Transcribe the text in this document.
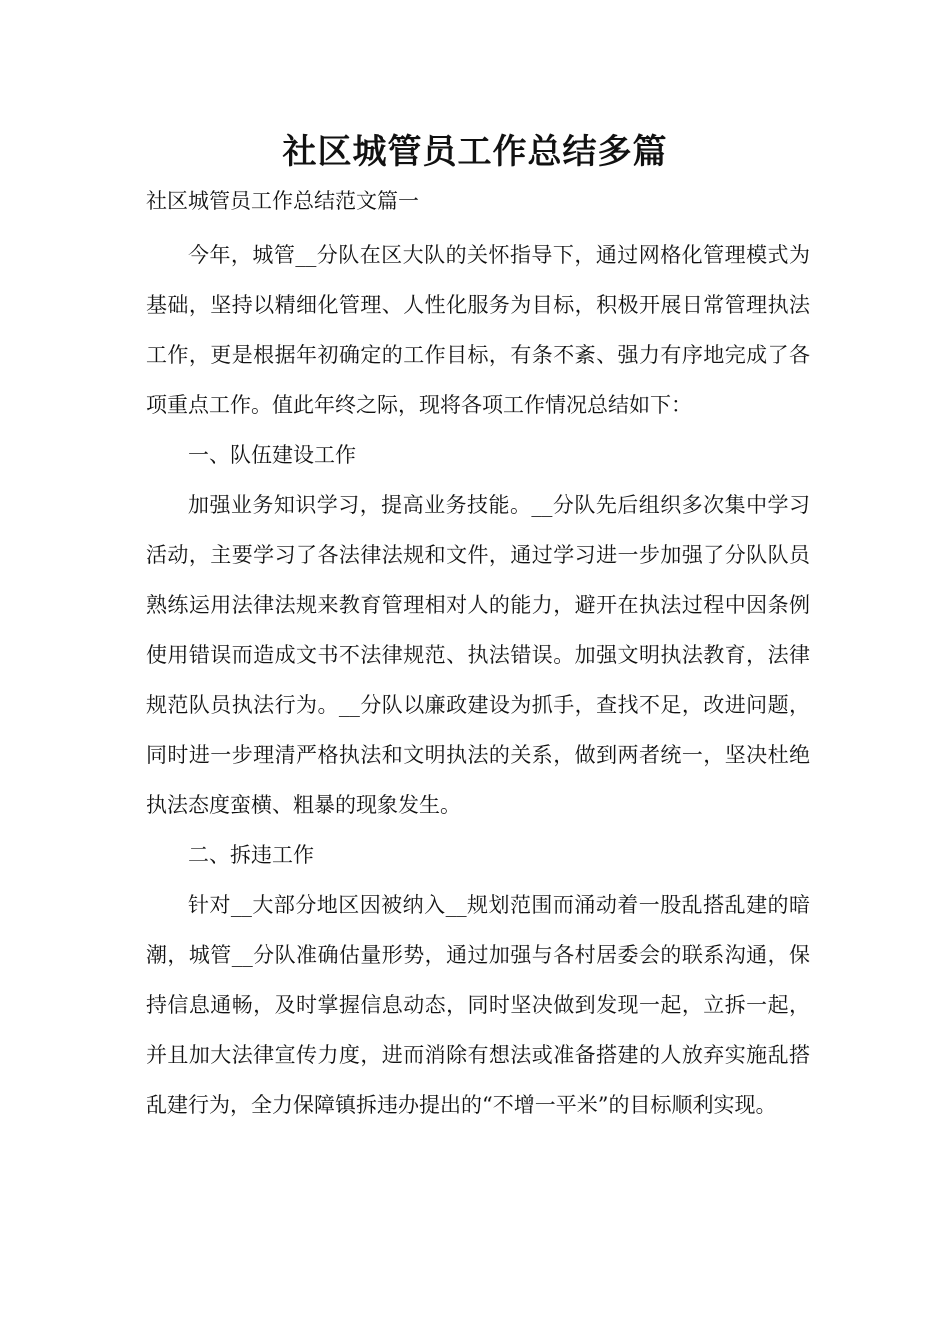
社区城管员工作总结多篇
社区城管员工作总结范文篇一

今年，城管__分队在区大队的关怀指导下，通过网格化管理模式为基础，坚持以精细化管理、人性化服务为目标，积极开展日常管理执法工作，更是根据年初确定的工作目标，有条不紊、强力有序地完成了各项重点工作。值此年终之际，现将各项工作情况总结如下：

一、队伍建设工作

加强业务知识学习，提高业务技能。__分队先后组织多次集中学习活动，主要学习了各法律法规和文件，通过学习进一步加强了分队队员熟练运用法律法规来教育管理相对人的能力，避开在执法过程中因条例使用错误而造成文书不法律规范、执法错误。加强文明执法教育，法律规范队员执法行为。__分队以廉政建设为抓手，查找不足，改进问题，同时进一步理清严格执法和文明执法的关系，做到两者统一，坚决杜绝执法态度蛮横、粗暴的现象发生。

二、拆违工作

针对__大部分地区因被纳入__规划范围而涌动着一股乱搭乱建的暗潮，城管__分队准确估量形势，通过加强与各村居委会的联系沟通，保持信息通畅，及时掌握信息动态，同时坚决做到发现一起，立拆一起，并且加大法律宣传力度，进而消除有想法或准备搭建的人放弃实施乱搭乱建行为，全力保障镇拆违办提出的“不增一平米”的目标顺利实现。
